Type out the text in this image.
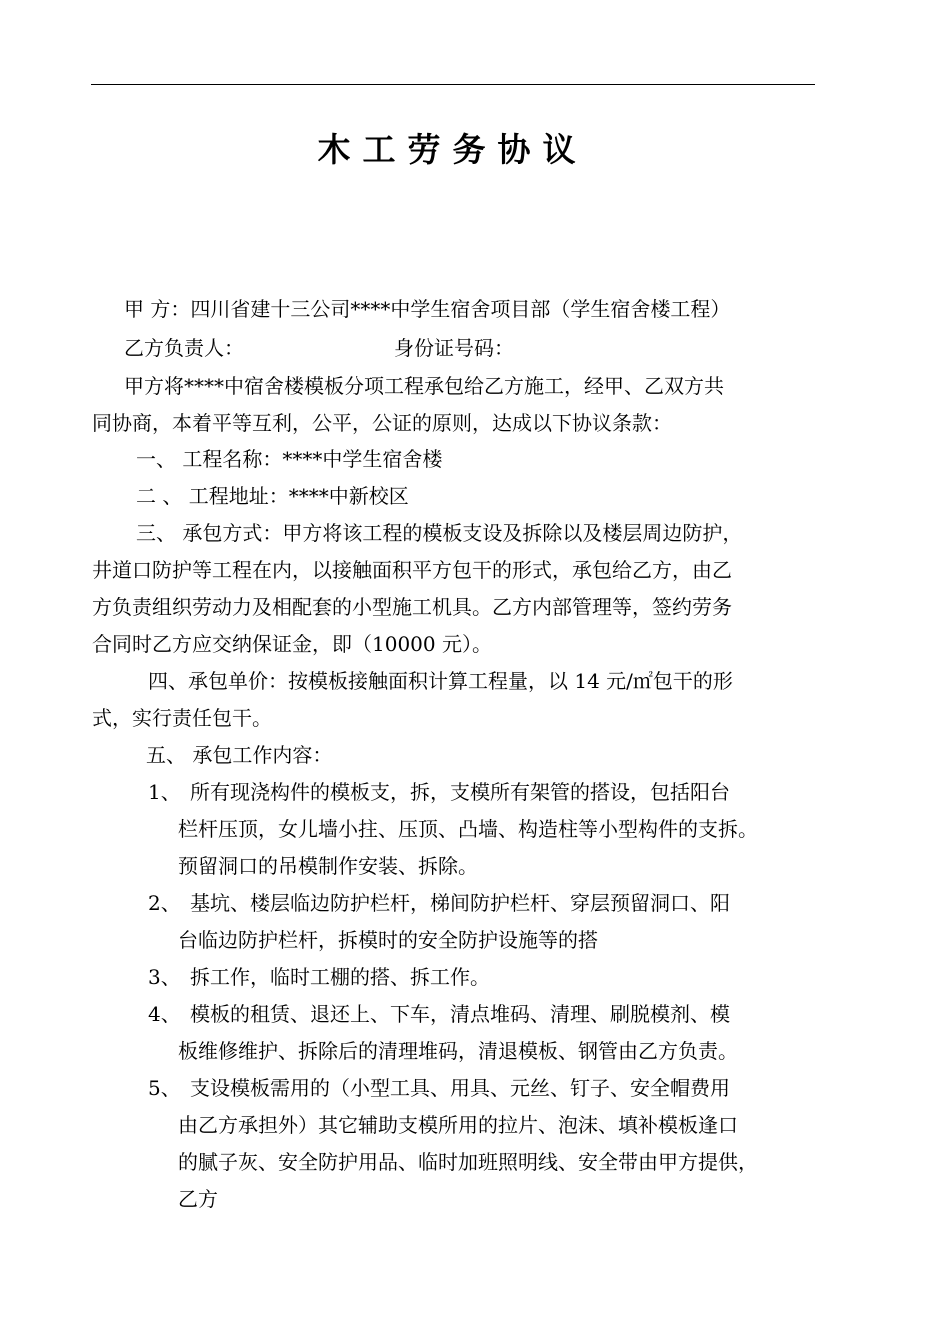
木工劳务协议
甲 方：四川省建十三公司****中学生宿舍项目部（学生宿舍楼工程）
乙方负责人：	身份证号码：
甲方将****中宿舍楼模板分项工程承包给乙方施工，经甲、乙双方共
同协商，本着平等互利，公平，公证的原则，达成以下协议条款：
一、 工程名称：****中学生宿舍楼
二 、 工程地址：****中新校区
三、 承包方式：甲方将该工程的模板支设及拆除以及楼层周边防护，
井道口防护等工程在内，以接触面积平方包干的形式，承包给乙方，由乙
方负责组织劳动力及相配套的小型施工机具。乙方内部管理等，签约劳务
合同时乙方应交纳保证金，即（10000 元）。
四、承包单价：按模板接触面积计算工程量，以 14 元/㎡包干的形
式，实行责任包干。
五、 承包工作内容：
1、 所有现浇构件的模板支，拆，支模所有架管的搭设，包括阳台
栏杆压顶，女儿墙小拄、压顶、凸墙、构造柱等小型构件的支拆。
预留洞口的吊模制作安装、拆除。
2、 基坑、楼层临边防护栏杆，梯间防护栏杆、穿层预留洞口、阳
台临边防护栏杆，拆模时的安全防护设施等的搭
3、 拆工作，临时工棚的搭、拆工作。
4、 模板的租赁、退还上、下车，清点堆码、清理、刷脱模剂、模
板维修维护、拆除后的清理堆码，清退模板、钢管由乙方负责。
5、 支设模板需用的（小型工具、用具、元丝、钉子、安全帽费用
由乙方承担外）其它辅助支模所用的拉片、泡沫、填补模板逢口
的腻子灰、安全防护用品、临时加班照明线、安全带由甲方提供，
乙方
